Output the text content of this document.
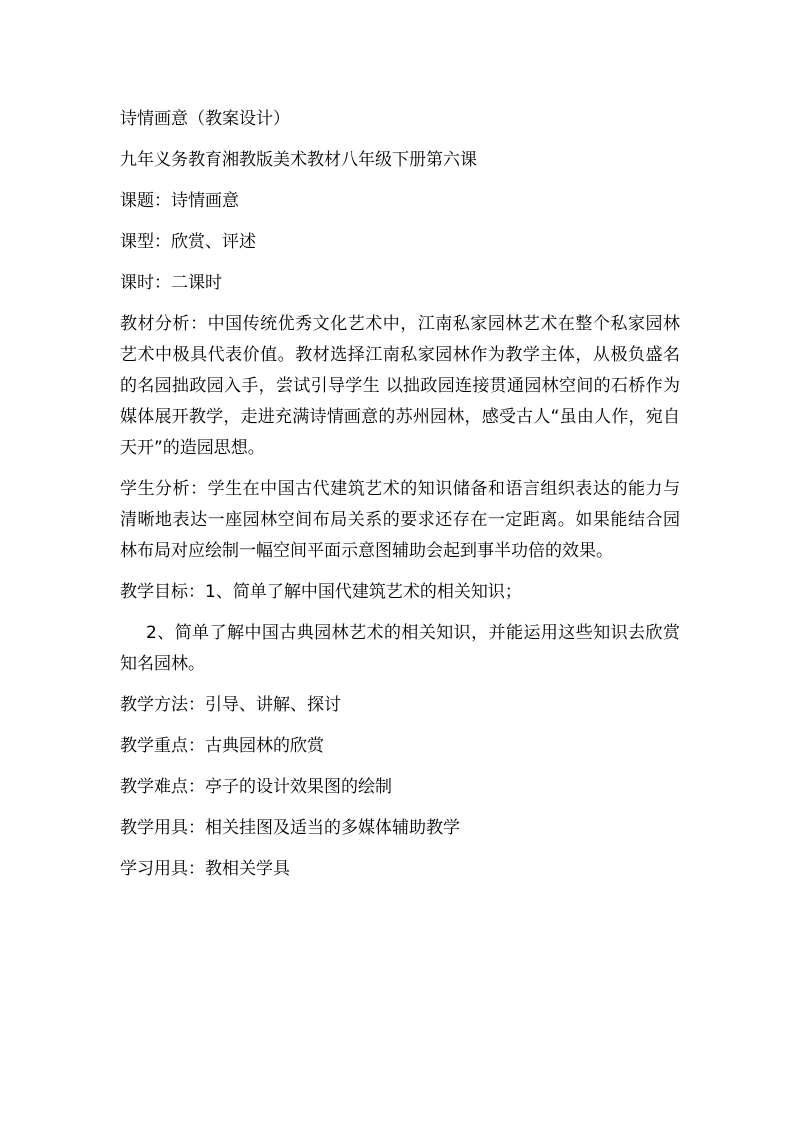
诗情画意（教案设计）

九年义务教育湘教版美术教材八年级下册第六课

课题：诗情画意

课型：欣赏、评述

课时：二课时

教材分析：中国传统优秀文化艺术中，江南私家园林艺术在整个私家园林艺术中极具代表价值。教材选择江南私家园林作为教学主体，从极负盛名的名园拙政园入手，尝试引导学生 以拙政园连接贯通园林空间的石桥作为媒体展开教学，走进充满诗情画意的苏州园林，感受古人“虽由人作，宛自天开”的造园思想。

学生分析：学生在中国古代建筑艺术的知识储备和语言组织表达的能力与清晰地表达一座园林空间布局关系的要求还存在一定距离。如果能结合园林布局对应绘制一幅空间平面示意图辅助会起到事半功倍的效果。

教学目标：1、简单了解中国代建筑艺术的相关知识；

2、简单了解中国古典园林艺术的相关知识，并能运用这些知识去欣赏知名园林。

教学方法：引导、讲解、探讨

教学重点：古典园林的欣赏

教学难点：亭子的设计效果图的绘制

教学用具：相关挂图及适当的多媒体辅助教学

学习用具：教相关学具
